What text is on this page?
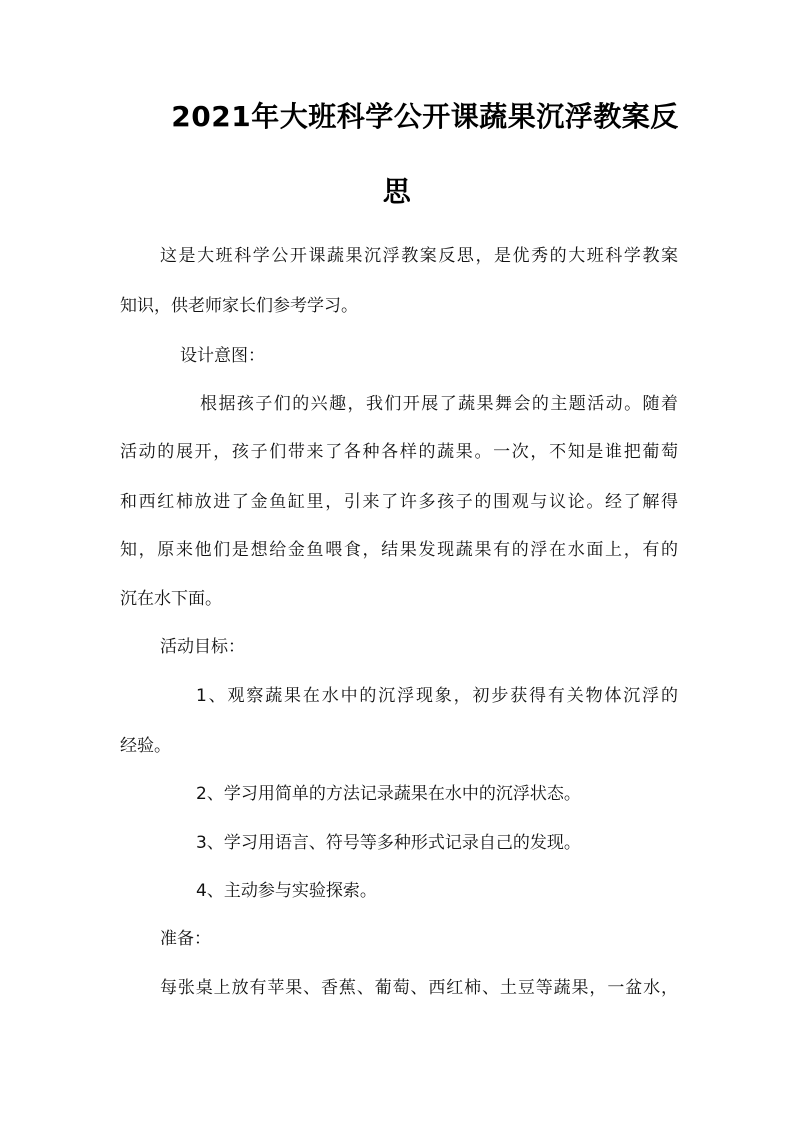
2021年大班科学公开课蔬果沉浮教案反
思
这是大班科学公开课蔬果沉浮教案反思，是优秀的大班科学教案
知识，供老师家长们参考学习。
设计意图：
根据孩子们的兴趣，我们开展了蔬果舞会的主题活动。随着
活动的展开，孩子们带来了各种各样的蔬果。一次，不知是谁把葡萄
和西红柿放进了金鱼缸里，引来了许多孩子的围观与议论。经了解得
知，原来他们是想给金鱼喂食，结果发现蔬果有的浮在水面上，有的
沉在水下面。
活动目标：
1、观察蔬果在水中的沉浮现象，初步获得有关物体沉浮的
经验。
2、学习用简单的方法记录蔬果在水中的沉浮状态。
3、学习用语言、符号等多种形式记录自己的发现。
4、主动参与实验探索。
准备：
每张桌上放有苹果、香蕉、葡萄、西红柿、土豆等蔬果，一盆水，
